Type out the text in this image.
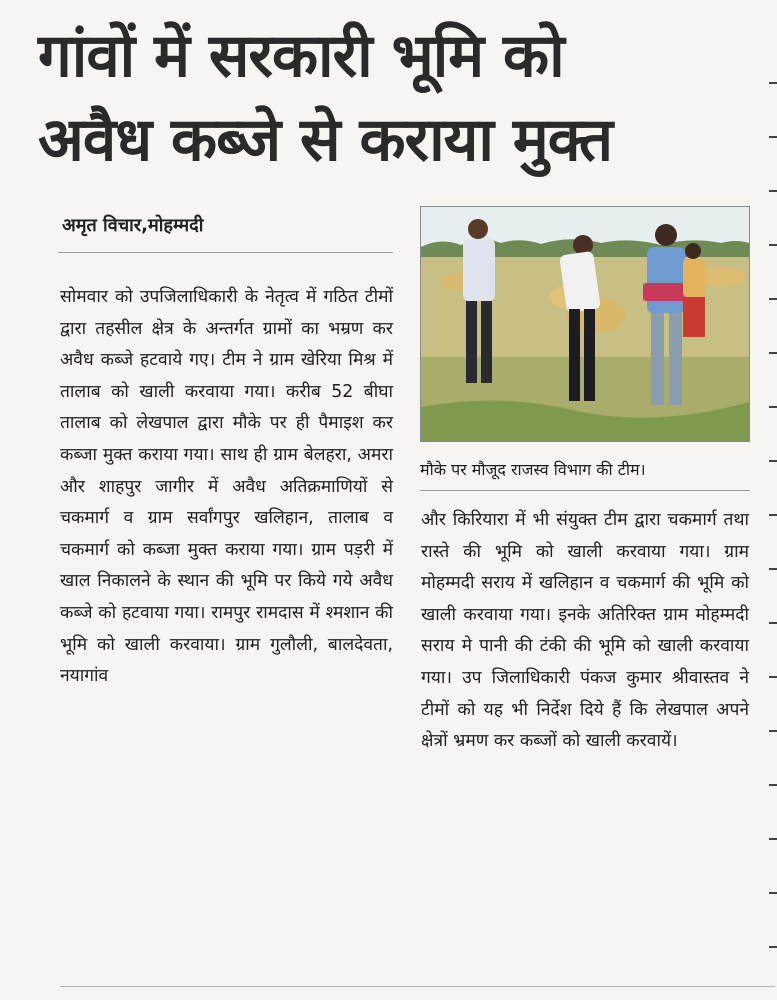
गांवों में सरकारी भूमि को
अवैध कब्जे से कराया मुक्त
अमृत विचार,मोहम्मदी
सोमवार को उपजिलाधिकारी के नेतृत्व में गठित टीमों द्वारा तहसील क्षेत्र के अन्तर्गत ग्रामों का भम्रण कर अवैध कब्जे हटवाये गए। टीम ने ग्राम खेरिया मिश्र में तालाब को खाली करवाया गया। करीब 52 बीघा तालाब को लेखपाल द्वारा मौके पर ही पैमाइश कर कब्जा मुक्त कराया गया। साथ ही ग्राम बेलहरा, अमरा और शाहपुर जागीर में अवैध अतिक्रमाणियों से चकमार्ग व ग्राम सर्वांगपुर खलिहान, तालाब व चकमार्ग को कब्जा मुक्त कराया गया। ग्राम पड़री में खाल निकालने के स्थान की भूमि पर किये गये अवैध कब्जे को हटवाया गया। रामपुर रामदास में श्मशान की भूमि को खाली करवाया। ग्राम गुलौली, बालदेवता, नयागांव
मौके पर मौजूद राजस्व विभाग की टीम।
और किरियारा में भी संयुक्त टीम द्वारा चकमार्ग तथा रास्ते की भूमि को खाली करवाया गया। ग्राम मोहम्मदी सराय में खलिहान व चकमार्ग की भूमि को खाली करवाया गया। इनके अतिरिक्त ग्राम मोहम्मदी सराय मे पानी की टंकी की भूमि को खाली करवाया गया। उप जिलाधिकारी पंकज कुमार श्रीवास्तव ने टीमों को यह भी निर्देश दिये हैं कि लेखपाल अपने क्षेत्रों भ्रमण कर कब्जों को खाली करवायें।
